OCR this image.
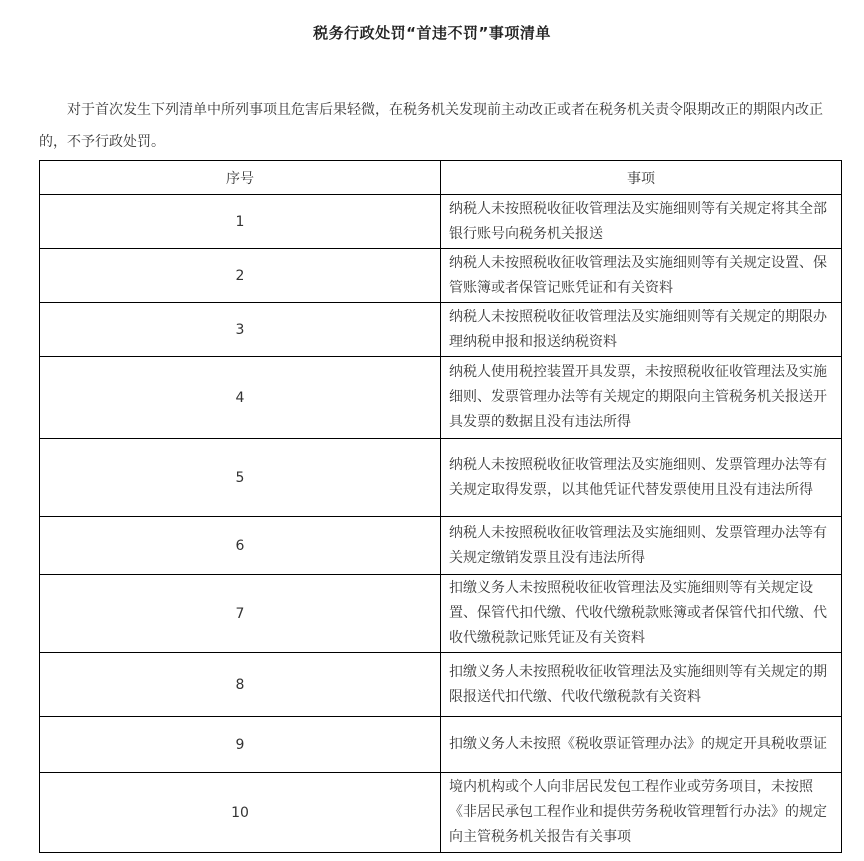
税务行政处罚“首违不罚”事项清单
对于首次发生下列清单中所列事项且危害后果轻微，在税务机关发现前主动改正或者在税务机关责令限期改正的期限内改正的，不予行政处罚。
序号	事项
1	纳税人未按照税收征收管理法及实施细则等有关规定将其全部银行账号向税务机关报送
2	纳税人未按照税收征收管理法及实施细则等有关规定设置、保管账簿或者保管记账凭证和有关资料
3	纳税人未按照税收征收管理法及实施细则等有关规定的期限办理纳税申报和报送纳税资料
4	纳税人使用税控装置开具发票，未按照税收征收管理法及实施细则、发票管理办法等有关规定的期限向主管税务机关报送开具发票的数据且没有违法所得
5	纳税人未按照税收征收管理法及实施细则、发票管理办法等有关规定取得发票，以其他凭证代替发票使用且没有违法所得
6	纳税人未按照税收征收管理法及实施细则、发票管理办法等有关规定缴销发票且没有违法所得
7	扣缴义务人未按照税收征收管理法及实施细则等有关规定设置、保管代扣代缴、代收代缴税款账簿或者保管代扣代缴、代收代缴税款记账凭证及有关资料
8	扣缴义务人未按照税收征收管理法及实施细则等有关规定的期限报送代扣代缴、代收代缴税款有关资料
9	扣缴义务人未按照《税收票证管理办法》的规定开具税收票证
10	境内机构或个人向非居民发包工程作业或劳务项目，未按照《非居民承包工程作业和提供劳务税收管理暂行办法》的规定向主管税务机关报告有关事项
